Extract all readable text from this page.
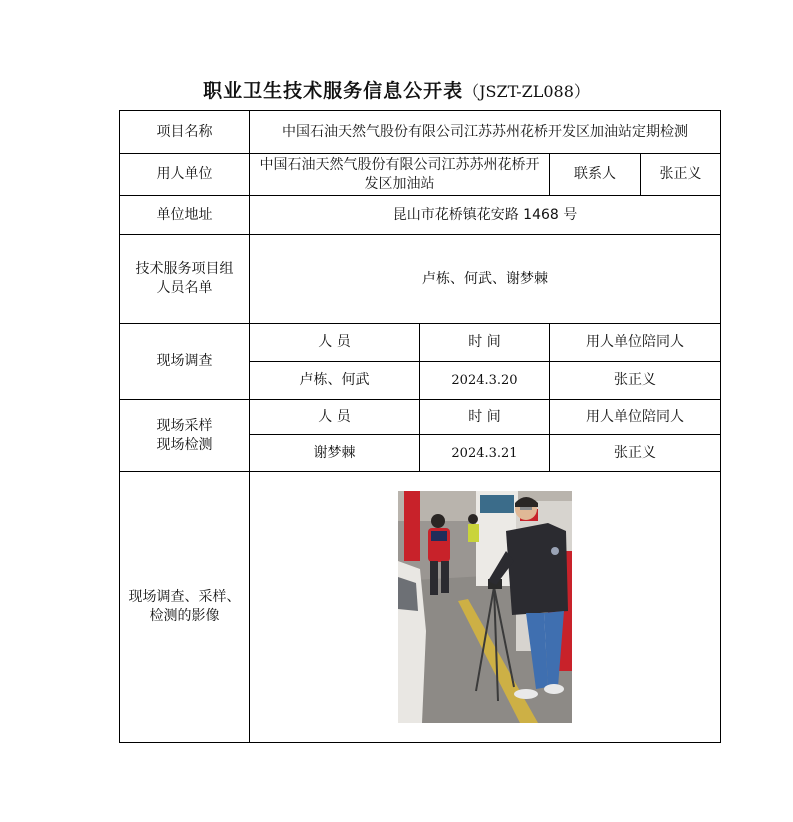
职业卫生技术服务信息公开表（JSZT-ZL088）
项目名称	中国石油天然气股份有限公司江苏苏州花桥开发区加油站定期检测			
用人单位	中国石油天然气股份有限公司江苏苏州花桥开发区加油站		联系人	张正义
单位地址	昆山市花桥镇花安路 1468 号			
技术服务项目组
人员名单	卢栋、何武、谢梦棘			
现场调查	人 员	时 间	用人单位陪同人	
	卢栋、何武	2024.3.20	张正义	
现场采样
现场检测	人 员	时 间	用人单位陪同人	
	谢梦棘	2024.3.21	张正义	
现场调查、采样、
检测的影像	
